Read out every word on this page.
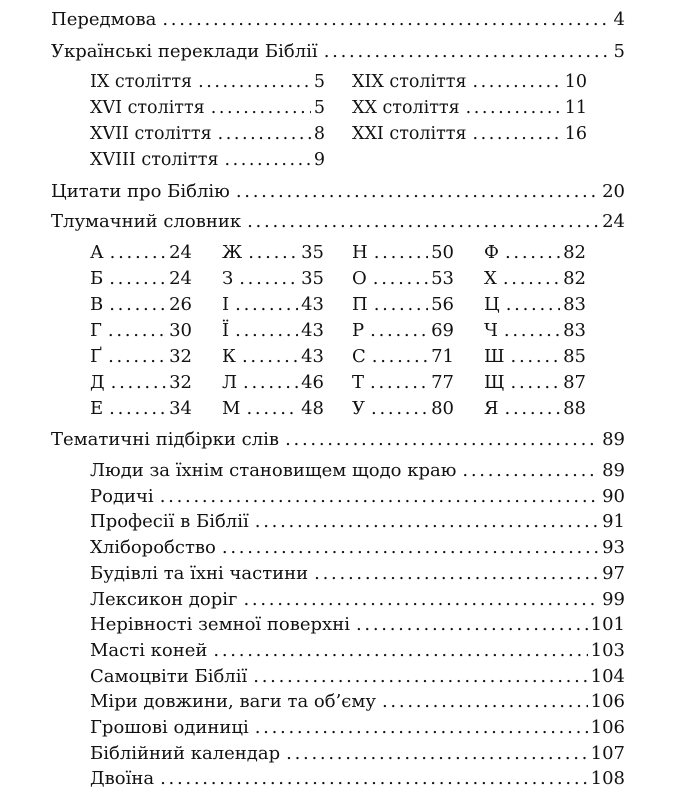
Передмова . . .	4
Українські переклади Біблії . . .	5
IX століття . . .	5
XVI століття . . .	5
XVII століття . . .	8
XVIII століття . . .	9
XIX століття . . .	10
XX століття . . .	11
XXI століття . . .	16
Цитати про Біблію . . .	20
Тлумачний словник . . .	24
А . . .	24
Б . . .	24
В . . .	26
Г . . .	30
Ґ . . .	32
Д . . .	32
Е . . .	34
Ж . . .	35
З . . .	35
І . . .	43
Ї . . .	43
К . . .	43
Л . . .	46
М . . .	48
Н . . .	50
О . . .	53
П . . .	56
Р . . .	69
С . . .	71
Т . . .	77
У . . .	80
Ф . . .	82
Х . . .	82
Ц . . .	83
Ч . . .	83
Ш . . .	85
Щ . . .	87
Я . . .	88
Тематичні підбірки слів . . .	89
Люди за їхнім становищем щодо краю . . .	89
Родичі . . .	90
Професії в Біблії . . .	91
Хліборобство . . .	93
Будівлі та їхні частини . . .	97
Лексикон доріг . . .	99
Нерівності земної поверхні . . .	101
Масті коней . . .	103
Самоцвіти Біблії . . .	104
Міри довжини, ваги та об’єму . . .	106
Грошові одиниці . . .	106
Біблійний календар . . .	107
Двоїна . . .	108
